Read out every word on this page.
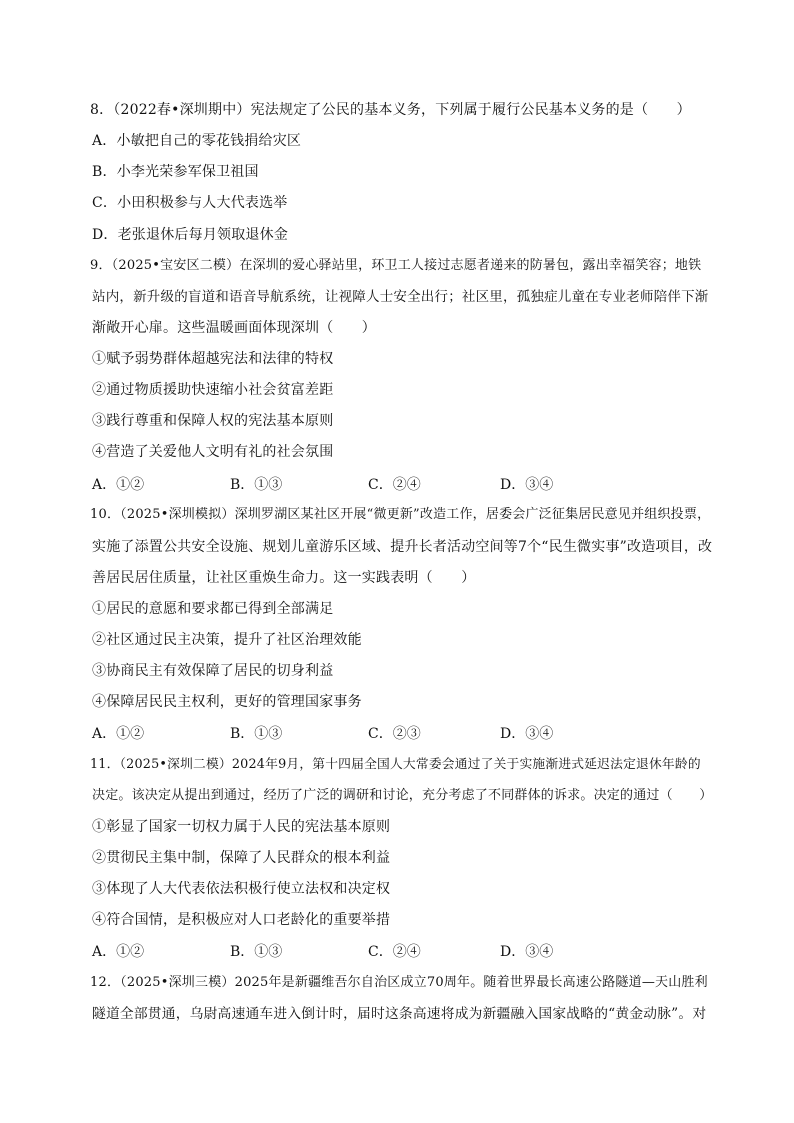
8．（2022春•深圳期中）宪法规定了公民的基本义务，下列属于履行公民基本义务的是（　　）
A．小敏把自己的零花钱捐给灾区
B．小李光荣参军保卫祖国
C．小田积极参与人大代表选举
D．老张退休后每月领取退休金
9．（2025•宝安区二模）在深圳的爱心驿站里，环卫工人接过志愿者递来的防暑包，露出幸福笑容；地铁
站内，新升级的盲道和语音导航系统，让视障人士安全出行；社区里，孤独症儿童在专业老师陪伴下渐
渐敞开心扉。这些温暖画面体现深圳（　　）
①赋予弱势群体超越宪法和法律的特权
②通过物质援助快速缩小社会贫富差距
③践行尊重和保障人权的宪法基本原则
④营造了关爱他人文明有礼的社会氛围
A．①②	B．①③	C．②④	D．③④
10．（2025•深圳模拟）深圳罗湖区某社区开展“微更新”改造工作，居委会广泛征集居民意见并组织投票，
实施了添置公共安全设施、规划儿童游乐区域、提升长者活动空间等7个“民生微实事”改造项目，改
善居民居住质量，让社区重焕生命力。这一实践表明（　　）
①居民的意愿和要求都已得到全部满足
②社区通过民主决策，提升了社区治理效能
③协商民主有效保障了居民的切身利益
④保障居民民主权利，更好的管理国家事务
A．①②	B．①③	C．②③	D．③④
11．（2025•深圳二模）2024年9月，第十四届全国人大常委会通过了关于实施渐进式延迟法定退休年龄的
决定。该决定从提出到通过，经历了广泛的调研和讨论，充分考虑了不同群体的诉求。决定的通过（　　）
①彰显了国家一切权力属于人民的宪法基本原则
②贯彻民主集中制，保障了人民群众的根本利益
③体现了人大代表依法积极行使立法权和决定权
④符合国情，是积极应对人口老龄化的重要举措
A．①②	B．①③	C．②④	D．③④
12．（2025•深圳三模）2025年是新疆维吾尔自治区成立70周年。随着世界最长高速公路隧道—天山胜利
隧道全部贯通，乌尉高速通车进入倒计时，届时这条高速将成为新疆融入国家战略的“黄金动脉”。对
